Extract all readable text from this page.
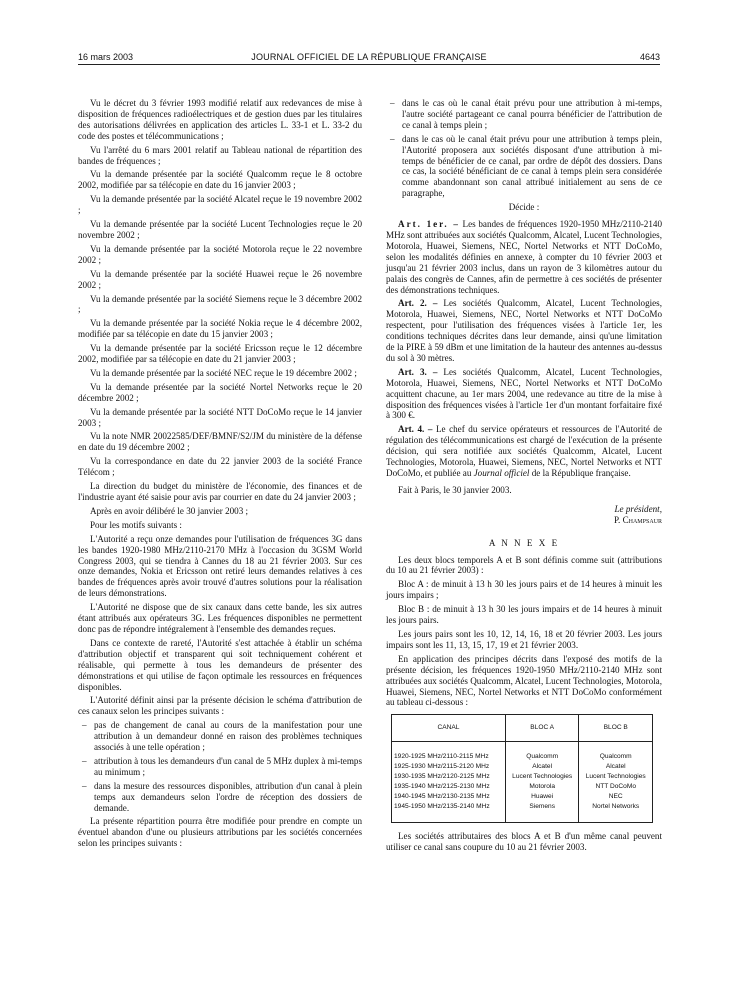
16 mars 2003	JOURNAL OFFICIEL DE LA RÉPUBLIQUE FRANÇAISE	4643

Vu le décret du 3 février 1993 modifié relatif aux redevances de mise à disposition de fréquences radioélectriques et de gestion dues par les titulaires des autorisations délivrées en application des articles L. 33-1 et L. 33-2 du code des postes et télécommunications ;

Vu l'arrêté du 6 mars 2001 relatif au Tableau national de répartition des bandes de fréquences ;

Vu la demande présentée par la société Qualcomm reçue le 8 octobre 2002, modifiée par sa télécopie en date du 16 janvier 2003 ;

Vu la demande présentée par la société Alcatel reçue le 19 novembre 2002 ;

Vu la demande présentée par la société Lucent Technologies reçue le 20 novembre 2002 ;

Vu la demande présentée par la société Motorola reçue le 22 novembre 2002 ;

Vu la demande présentée par la société Huawei reçue le 26 novembre 2002 ;

Vu la demande présentée par la société Siemens reçue le 3 décembre 2002 ;

Vu la demande présentée par la société Nokia reçue le 4 décembre 2002, modifiée par sa télécopie en date du 15 janvier 2003 ;

Vu la demande présentée par la société Ericsson reçue le 12 décembre 2002, modifiée par sa télécopie en date du 21 janvier 2003 ;

Vu la demande présentée par la société NEC reçue le 19 décembre 2002 ;

Vu la demande présentée par la société Nortel Networks reçue le 20 décembre 2002 ;

Vu la demande présentée par la société NTT DoCoMo reçue le 14 janvier 2003 ;

Vu la note NMR 20022585/DEF/BMNF/S2/JM du ministère de la défense en date du 19 décembre 2002 ;

Vu la correspondance en date du 22 janvier 2003 de la société France Télécom ;

La direction du budget du ministère de l'économie, des finances et de l'industrie ayant été saisie pour avis par courrier en date du 24 janvier 2003 ;

Après en avoir délibéré le 30 janvier 2003 ;

Pour les motifs suivants :

L'Autorité a reçu onze demandes pour l'utilisation de fréquences 3G dans les bandes 1920-1980 MHz/2110-2170 MHz à l'occasion du 3GSM World Congress 2003, qui se tiendra à Cannes du 18 au 21 février 2003. Sur ces onze demandes, Nokia et Ericsson ont retiré leurs demandes relatives à ces bandes de fréquences après avoir trouvé d'autres solutions pour la réalisation de leurs démonstrations.

L'Autorité ne dispose que de six canaux dans cette bande, les six autres étant attribués aux opérateurs 3G. Les fréquences disponibles ne permettent donc pas de répondre intégralement à l'ensemble des demandes reçues.

Dans ce contexte de rareté, l'Autorité s'est attachée à établir un schéma d'attribution objectif et transparent qui soit techniquement cohérent et réalisable, qui permette à tous les demandeurs de présenter des démonstrations et qui utilise de façon optimale les ressources en fréquences disponibles.

L'Autorité définit ainsi par la présente décision le schéma d'attribution de ces canaux selon les principes suivants :

– pas de changement de canal au cours de la manifestation pour une attribution à un demandeur donné en raison des problèmes techniques associés à une telle opération ;
– attribution à tous les demandeurs d'un canal de 5 MHz duplex à mi-temps au minimum ;
– dans la mesure des ressources disponibles, attribution d'un canal à plein temps aux demandeurs selon l'ordre de réception des dossiers de demande.

La présente répartition pourra être modifiée pour prendre en compte un éventuel abandon d'une ou plusieurs attributions par les sociétés concernées selon les principes suivants :

– dans le cas où le canal était prévu pour une attribution à mi-temps, l'autre société partageant ce canal pourra bénéficier de l'attribution de ce canal à temps plein ;
– dans le cas où le canal était prévu pour une attribution à temps plein, l'Autorité proposera aux sociétés disposant d'une attribution à mi-temps de bénéficier de ce canal, par ordre de dépôt des dossiers. Dans ce cas, la société bénéficiant de ce canal à temps plein sera considérée comme abandonnant son canal attribué initialement au sens de ce paragraphe,

Décide :

Art. 1er. – Les bandes de fréquences 1920-1950 MHz/2110-2140 MHz sont attribuées aux sociétés Qualcomm, Alcatel, Lucent Technologies, Motorola, Huawei, Siemens, NEC, Nortel Networks et NTT DoCoMo, selon les modalités définies en annexe, à compter du 10 février 2003 et jusqu'au 21 février 2003 inclus, dans un rayon de 3 kilomètres autour du palais des congrès de Cannes, afin de permettre à ces sociétés de présenter des démonstrations techniques.

Art. 2. – Les sociétés Qualcomm, Alcatel, Lucent Technologies, Motorola, Huawei, Siemens, NEC, Nortel Networks et NTT DoCoMo respectent, pour l'utilisation des fréquences visées à l'article 1er, les conditions techniques décrites dans leur demande, ainsi qu'une limitation de la PIRE à 59 dBm et une limitation de la hauteur des antennes au-dessus du sol à 30 mètres.

Art. 3. – Les sociétés Qualcomm, Alcatel, Lucent Technologies, Motorola, Huawei, Siemens, NEC, Nortel Networks et NTT DoCoMo acquittent chacune, au 1er mars 2004, une redevance au titre de la mise à disposition des fréquences visées à l'article 1er d'un montant forfaitaire fixé à 300 €.

Art. 4. – Le chef du service opérateurs et ressources de l'Autorité de régulation des télécommunications est chargé de l'exécution de la présente décision, qui sera notifiée aux sociétés Qualcomm, Alcatel, Lucent Technologies, Motorola, Huawei, Siemens, NEC, Nortel Networks et NTT DoCoMo, et publiée au Journal officiel de la République française.

Fait à Paris, le 30 janvier 2003.

Le président,

P. Champsaur

A N N E X E

Les deux blocs temporels A et B sont définis comme suit (attributions du 10 au 21 février 2003) :

Bloc A : de minuit à 13 h 30 les jours pairs et de 14 heures à minuit les jours impairs ;

Bloc B : de minuit à 13 h 30 les jours impairs et de 14 heures à minuit les jours pairs.

Les jours pairs sont les 10, 12, 14, 16, 18 et 20 février 2003. Les jours impairs sont les 11, 13, 15, 17, 19 et 21 février 2003.

En application des principes décrits dans l'exposé des motifs de la présente décision, les fréquences 1920-1950 MHz/2110-2140 MHz sont attribuées aux sociétés Qualcomm, Alcatel, Lucent Technologies, Motorola, Huawei, Siemens, NEC, Nortel Networks et NTT DoCoMo conformément au tableau ci-dessous :

CANAL	BLOC A	BLOC B
1920-1925 MHz/2110-2115 MHz	Qualcomm	Qualcomm
1925-1930 MHz/2115-2120 MHz	Alcatel	Alcatel
1930-1935 MHz/2120-2125 MHz	Lucent Technologies	Lucent Technologies
1935-1940 MHz/2125-2130 MHz	Motorola	NTT DoCoMo
1940-1945 MHz/2130-2135 MHz	Huawei	NEC
1945-1950 MHz/2135-2140 MHz	Siemens	Nortel Networks

Les sociétés attributaires des blocs A et B d'un même canal peuvent utiliser ce canal sans coupure du 10 au 21 février 2003.
